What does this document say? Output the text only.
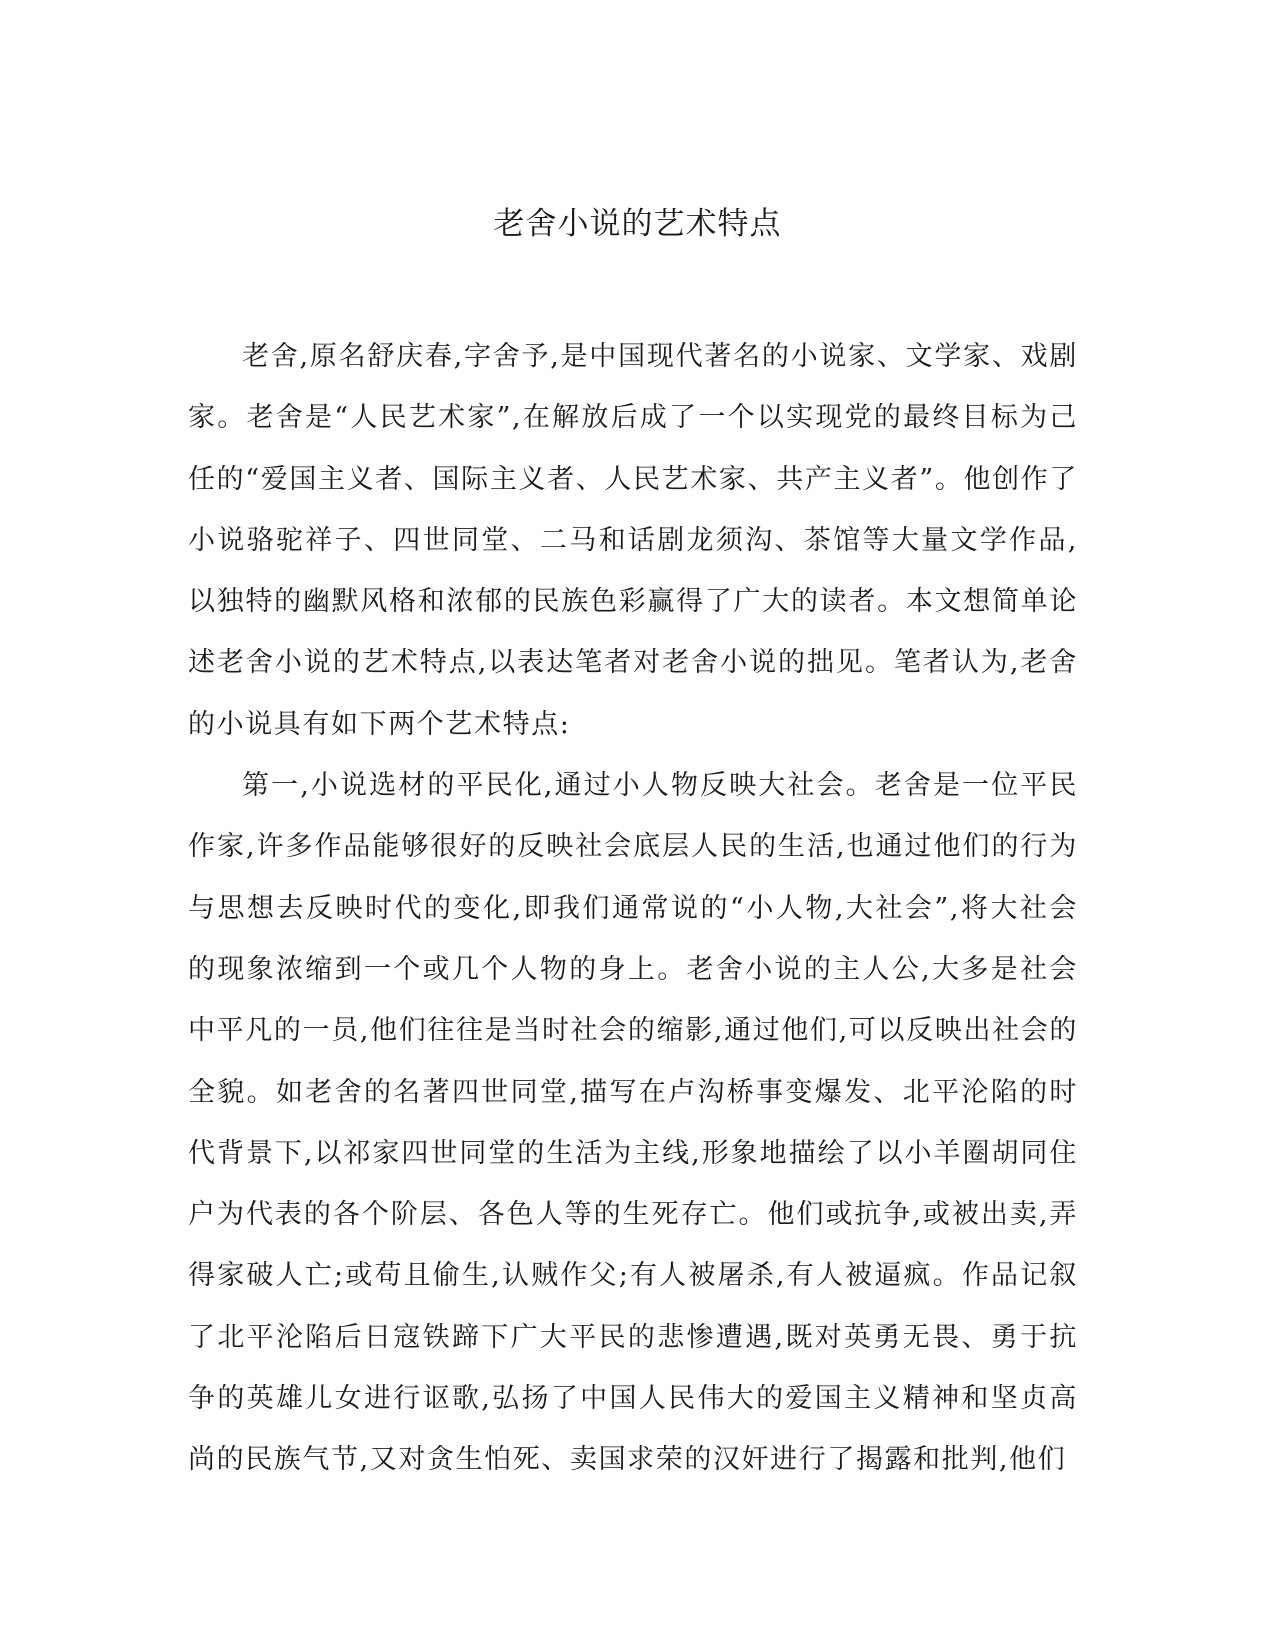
老舍小说的艺术特点

老舍,原名舒庆春,字舍予,是中国现代著名的小说家、文学家、戏剧家。老舍是“人民艺术家”,在解放后成了一个以实现党的最终目标为己任的“爱国主义者、国际主义者、人民艺术家、共产主义者”。他创作了小说骆驼祥子、四世同堂、二马和话剧龙须沟、茶馆等大量文学作品,以独特的幽默风格和浓郁的民族色彩赢得了广大的读者。本文想简单论述老舍小说的艺术特点,以表达笔者对老舍小说的拙见。笔者认为,老舍的小说具有如下两个艺术特点:

第一,小说选材的平民化,通过小人物反映大社会。老舍是一位平民作家,许多作品能够很好的反映社会底层人民的生活,也通过他们的行为与思想去反映时代的变化,即我们通常说的“小人物,大社会”,将大社会的现象浓缩到一个或几个人物的身上。老舍小说的主人公,大多是社会中平凡的一员,他们往往是当时社会的缩影,通过他们,可以反映出社会的全貌。如老舍的名著四世同堂,描写在卢沟桥事变爆发、北平沦陷的时代背景下,以祁家四世同堂的生活为主线,形象地描绘了以小羊圈胡同住户为代表的各个阶层、各色人等的生死存亡。他们或抗争,或被出卖,弄得家破人亡;或苟且偷生,认贼作父;有人被屠杀,有人被逼疯。作品记叙了北平沦陷后日寇铁蹄下广大平民的悲惨遭遇,既对英勇无畏、勇于抗争的英雄儿女进行讴歌,弘扬了中国人民伟大的爱国主义精神和坚贞高尚的民族气节,又对贪生怕死、卖国求荣的汉奸进行了揭露和批判,他们
